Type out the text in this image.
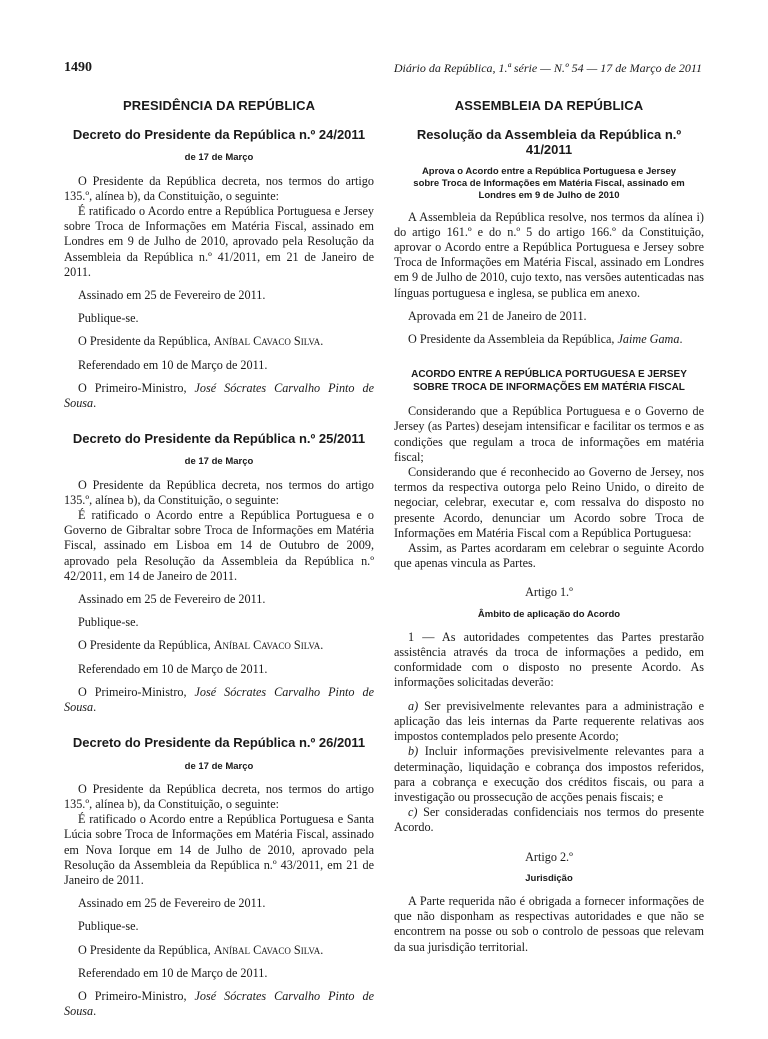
1490	Diário da República, 1.ª série — N.º 54 — 17 de Março de 2011
PRESIDÊNCIA DA REPÚBLICA
Decreto do Presidente da República n.º 24/2011
de 17 de Março

O Presidente da República decreta, nos termos do artigo 135.º, alínea b), da Constituição, o seguinte:

É ratificado o Acordo entre a República Portuguesa e Jersey sobre Troca de Informações em Matéria Fiscal, assinado em Londres em 9 de Julho de 2010, aprovado pela Resolução da Assembleia da República n.º 41/2011, em 21 de Janeiro de 2011.

Assinado em 25 de Fevereiro de 2011.

Publique-se.

O Presidente da República, Aníbal Cavaco Silva.

Referendado em 10 de Março de 2011.

O Primeiro-Ministro, José Sócrates Carvalho Pinto de Sousa.

Decreto do Presidente da República n.º 25/2011
de 17 de Março

O Presidente da República decreta, nos termos do artigo 135.º, alínea b), da Constituição, o seguinte:

É ratificado o Acordo entre a República Portuguesa e o Governo de Gibraltar sobre Troca de Informações em Matéria Fiscal, assinado em Lisboa em 14 de Outubro de 2009, aprovado pela Resolução da Assembleia da República n.º 42/2011, em 14 de Janeiro de 2011.

Assinado em 25 de Fevereiro de 2011.

Publique-se.

O Presidente da República, Aníbal Cavaco Silva.

Referendado em 10 de Março de 2011.

O Primeiro-Ministro, José Sócrates Carvalho Pinto de Sousa.

Decreto do Presidente da República n.º 26/2011
de 17 de Março

O Presidente da República decreta, nos termos do artigo 135.º, alínea b), da Constituição, o seguinte:

É ratificado o Acordo entre a República Portuguesa e Santa Lúcia sobre Troca de Informações em Matéria Fiscal, assinado em Nova Iorque em 14 de Julho de 2010, aprovado pela Resolução da Assembleia da República n.º 43/2011, em 21 de Janeiro de 2011.

Assinado em 25 de Fevereiro de 2011.

Publique-se.

O Presidente da República, Aníbal Cavaco Silva.

Referendado em 10 de Março de 2011.

O Primeiro-Ministro, José Sócrates Carvalho Pinto de Sousa.

ASSEMBLEIA DA REPÚBLICA
Resolução da Assembleia da República n.º 41/2011
Aprova o Acordo entre a República Portuguesa e Jersey sobre Troca de Informações em Matéria Fiscal, assinado em Londres em 9 de Julho de 2010

A Assembleia da República resolve, nos termos da alínea i) do artigo 161.º e do n.º 5 do artigo 166.º da Constituição, aprovar o Acordo entre a República Portuguesa e Jersey sobre Troca de Informações em Matéria Fiscal, assinado em Londres em 9 de Julho de 2010, cujo texto, nas versões autenticadas nas línguas portuguesa e inglesa, se publica em anexo.

Aprovada em 21 de Janeiro de 2011.

O Presidente da Assembleia da República, Jaime Gama.

ACORDO ENTRE A REPÚBLICA PORTUGUESA E JERSEY SOBRE TROCA DE INFORMAÇÕES EM MATÉRIA FISCAL

Considerando que a República Portuguesa e o Governo de Jersey (as Partes) desejam intensificar e facilitar os termos e as condições que regulam a troca de informações em matéria fiscal;

Considerando que é reconhecido ao Governo de Jersey, nos termos da respectiva outorga pelo Reino Unido, o direito de negociar, celebrar, executar e, com ressalva do disposto no presente Acordo, denunciar um Acordo sobre Troca de Informações em Matéria Fiscal com a República Portuguesa:

Assim, as Partes acordaram em celebrar o seguinte Acordo que apenas vincula as Partes.

Artigo 1.º
Âmbito de aplicação do Acordo

1 — As autoridades competentes das Partes prestarão assistência através da troca de informações a pedido, em conformidade com o disposto no presente Acordo. As informações solicitadas deverão:

a) Ser previsivelmente relevantes para a administração e aplicação das leis internas da Parte requerente relativas aos impostos contemplados pelo presente Acordo;

b) Incluir informações previsivelmente relevantes para a determinação, liquidação e cobrança dos impostos referidos, para a cobrança e execução dos créditos fiscais, ou para a investigação ou prossecução de acções penais fiscais; e

c) Ser consideradas confidenciais nos termos do presente Acordo.

Artigo 2.º
Jurisdição

A Parte requerida não é obrigada a fornecer informações de que não disponham as respectivas autoridades e que não se encontrem na posse ou sob o controlo de pessoas que relevam da sua jurisdição territorial.
